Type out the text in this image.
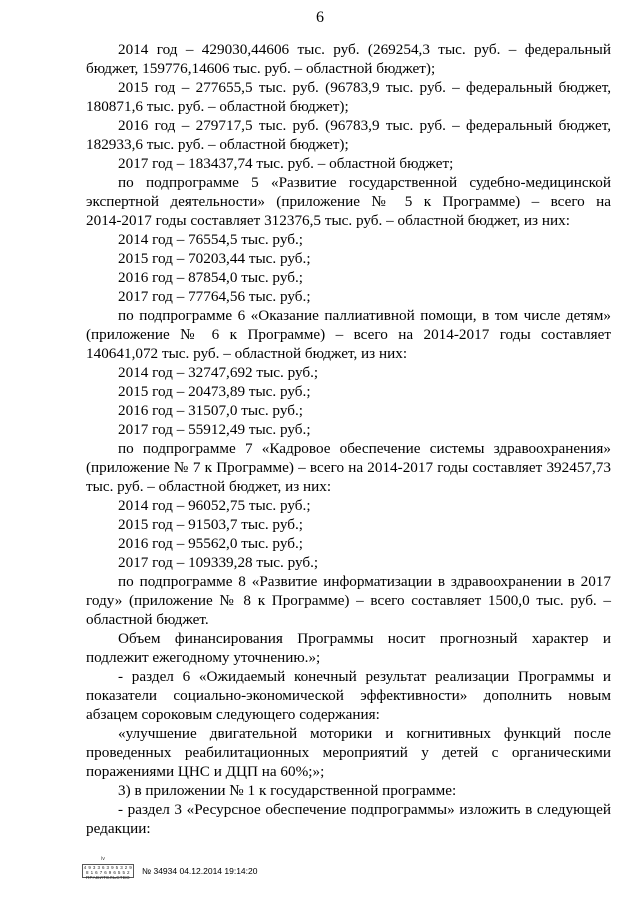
6
2014 год – 429030,44606 тыс. руб. (269254,3 тыс. руб. – федеральный
бюджет, 159776,14606 тыс. руб. – областной бюджет);
2015 год – 277655,5 тыс. руб. (96783,9 тыс. руб. – федеральный бюджет,
180871,6 тыс. руб. – областной бюджет);
2016 год – 279717,5 тыс. руб. (96783,9 тыс. руб. – федеральный бюджет,
182933,6 тыс. руб. – областной бюджет);
2017 год – 183437,74 тыс. руб. – областной бюджет;
по подпрограмме 5 «Развитие государственной судебно-медицинской
экспертной деятельности» (приложение № 5 к Программе) – всего на
2014-2017 годы составляет 312376,5 тыс. руб. – областной бюджет, из них:
2014 год – 76554,5 тыс. руб.;
2015 год – 70203,44 тыс. руб.;
2016 год – 87854,0 тыс. руб.;
2017 год – 77764,56 тыс. руб.;
по подпрограмме 6 «Оказание паллиативной помощи, в том числе детям»
(приложение № 6 к Программе) – всего на 2014-2017 годы составляет
140641,072 тыс. руб. – областной бюджет, из них:
2014 год – 32747,692 тыс. руб.;
2015 год – 20473,89 тыс. руб.;
2016 год – 31507,0 тыс. руб.;
2017 год – 55912,49 тыс. руб.;
по подпрограмме 7 «Кадровое обеспечение системы здравоохранения»
(приложение № 7 к Программе) – всего на 2014-2017 годы составляет 392457,73
тыс. руб. – областной бюджет, из них:
2014 год – 96052,75 тыс. руб.;
2015 год – 91503,7 тыс. руб.;
2016 год – 95562,0 тыс. руб.;
2017 год – 109339,28 тыс. руб.;
по подпрограмме 8 «Развитие информатизации в здравоохранении в 2017
году» (приложение № 8 к Программе) – всего составляет 1500,0 тыс. руб. –
областной бюджет.
Объем финансирования Программы носит прогнозный характер и
подлежит ежегодному уточнению.»;
- раздел 6 «Ожидаемый конечный результат реализации Программы и
показатели социально-экономической эффективности» дополнить новым
абзацем сороковым следующего содержания:
«улучшение двигательной моторики и когнитивных функций после
проведенных реабилитационных мероприятий у детей с органическими
поражениями ЦНС и ДЦП на 60%;»;
3) в приложении № 1 к государственной программе:
- раздел 3 «Ресурсное обеспечение подпрограммы» изложить в следующей
редакции:
ⅳ
4 9 3 3 6 3 9 5 3 2 9 8 1 6 7 6 9 6 5 5 2
ПРАВИТЕЛЬСТВО
№ 34934 04.12.2014 19:14:20
